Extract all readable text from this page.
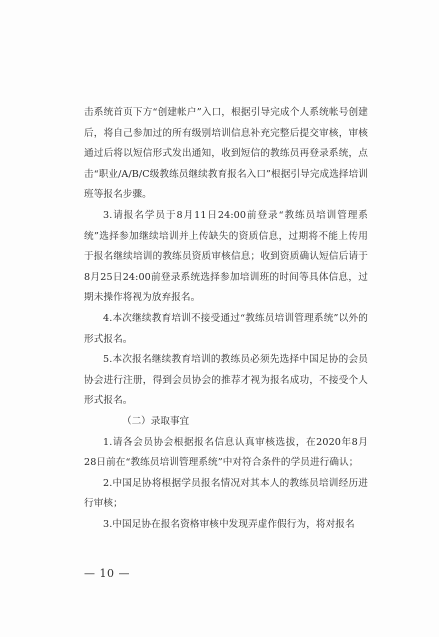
击系统首页下方“创建帐户”入口，根据引导完成个人系统帐号创建后，将自己参加过的所有级别培训信息补充完整后提交审核，审核通过后将以短信形式发出通知，收到短信的教练员再登录系统，点击“职业/A/B/C级教练员继续教育报名入口”根据引导完成选择培训班等报名步骤。

3.请报名学员于8月11日24:00前登录“教练员培训管理系统”选择参加继续培训并上传缺失的资质信息，过期将不能上传用于报名继续培训的教练员资质审核信息；收到资质确认短信后请于8月25日24:00前登录系统选择参加培训班的时间等具体信息，过期未操作将视为放弃报名。

4.本次继续教育培训不接受通过“教练员培训管理系统”以外的形式报名。

5.本次报名继续教育培训的教练员必须先选择中国足协的会员协会进行注册，得到会员协会的推荐才视为报名成功，不接受个人形式报名。

（二）录取事宜

1.请各会员协会根据报名信息认真审核选拔，在2020年8月28日前在“教练员培训管理系统”中对符合条件的学员进行确认；

2.中国足协将根据学员报名情况对其本人的教练员培训经历进行审核；

3.中国足协在报名资格审核中发现弄虚作假行为，将对报名

— 10 —
